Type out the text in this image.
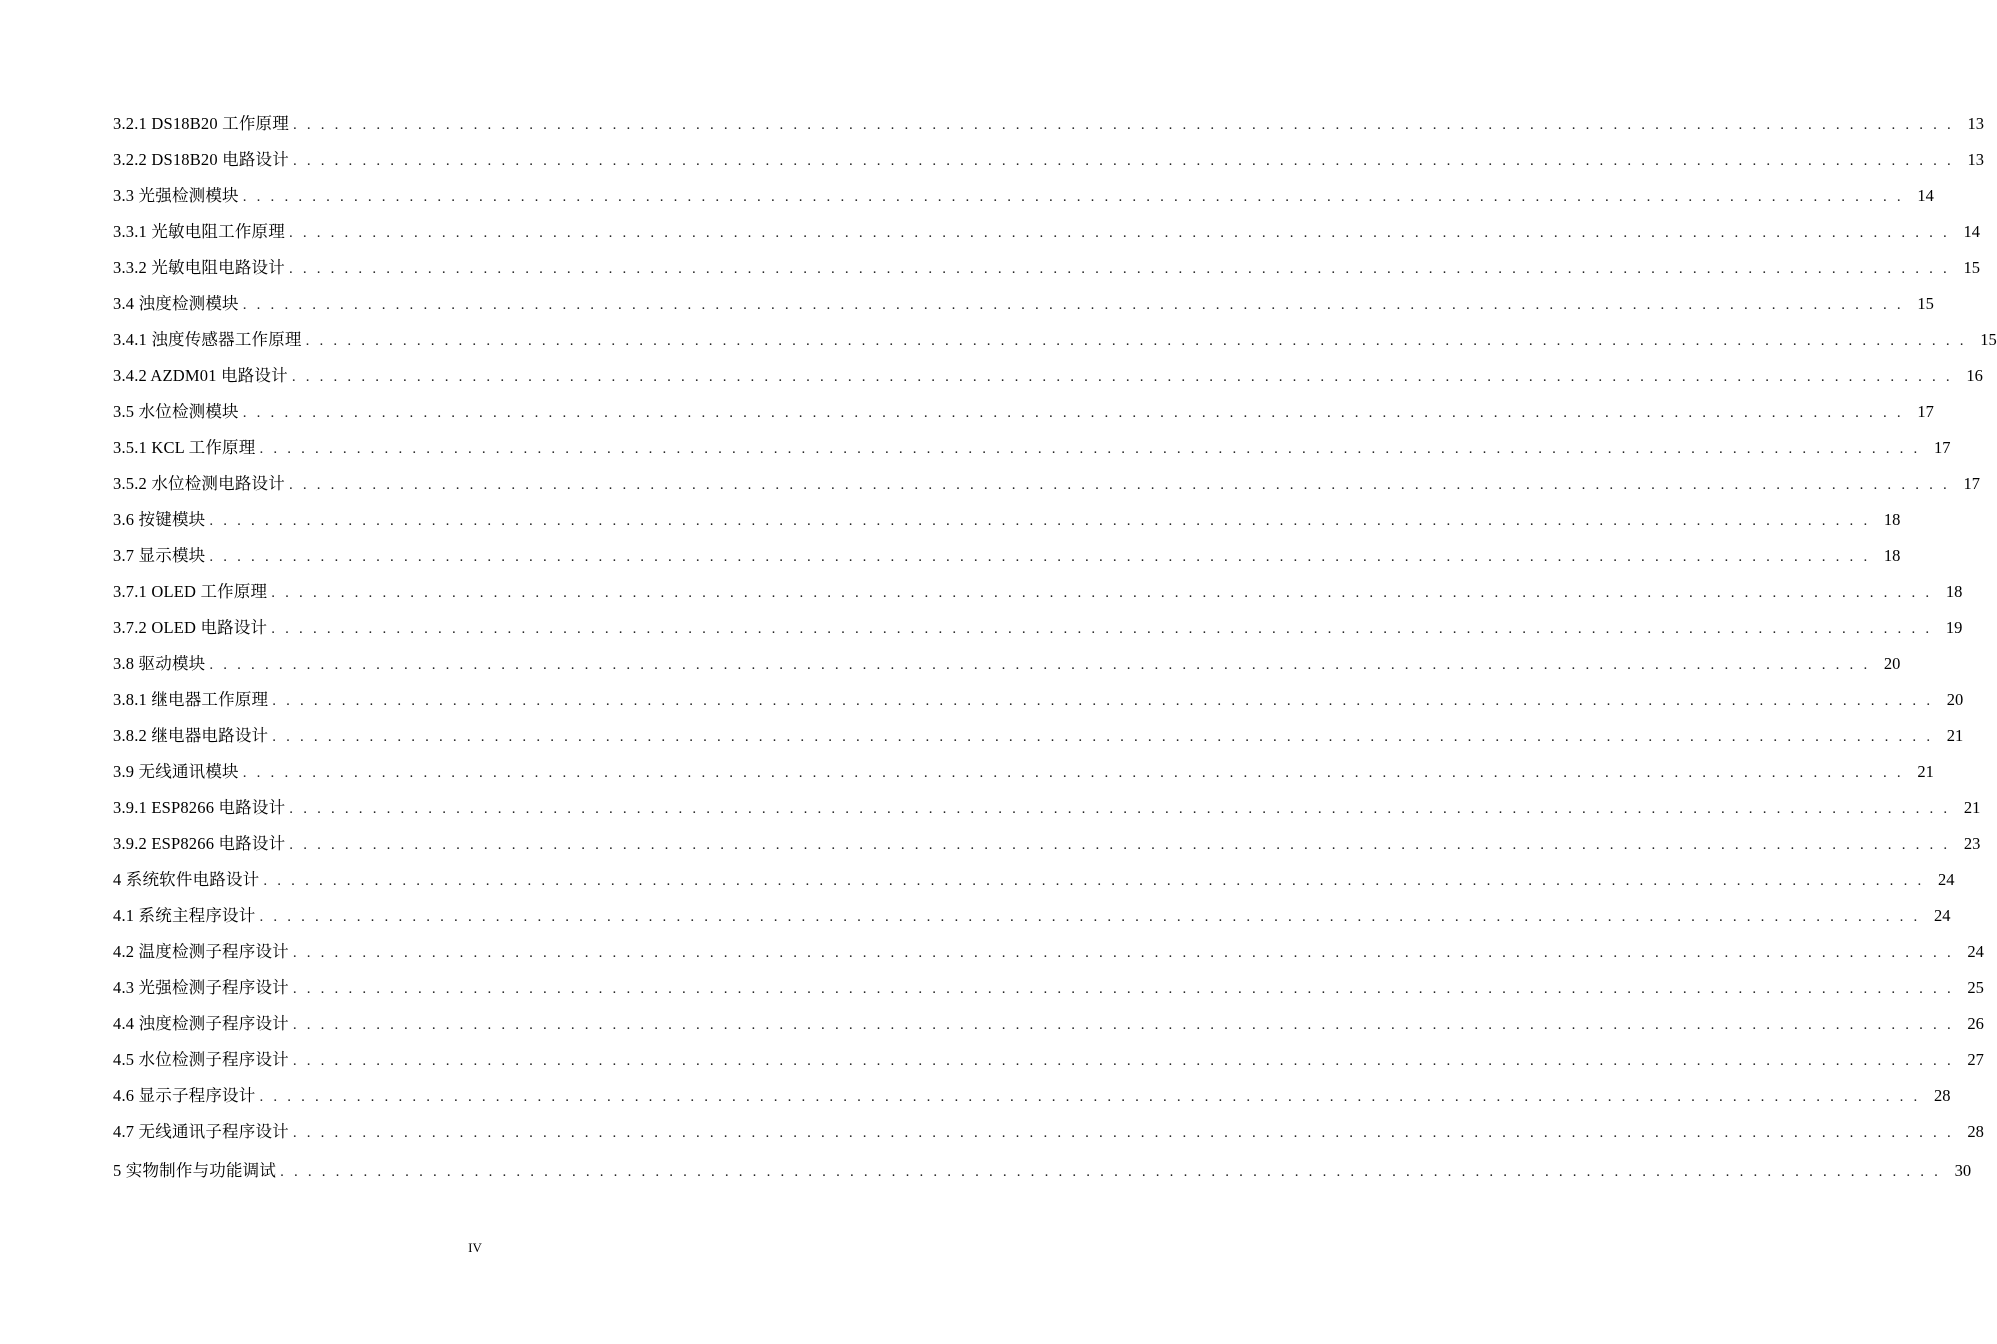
3.2.1 DS18B20 工作原理 . . . . . . . . . . . . . . . . . . . . . . . . . . . . . . . . . . . . . . . . . . . . . . . . . . . . . . . . . . . . . . . . . . . . . . . . . . . . . . . . . . . . . . . . . . . . . . . . . . . . . . . . . . . . . . . . . . . . . . . . 13
3.2.2 DS18B20 电路设计 . . . . . . . . . . . . . . . . . . . . . . . . . . . . . . . . . . . . . . . . . . . . . . . . . . . . . . . . . . . . . . . . . . . . . . . . . . . . . . . . . . . . . . . . . . . . . . . . . . . . . . . . . . . . . . . . . . . . . . . . 13
3.3 光强检测模块 . . . . . . . . . . . . . . . . . . . . . . . . . . . . . . . . . . . . . . . . . . . . . . . . . . . . . . . . . . . . . . . . . . . . . . . . . . . . . . . . . . . . . . . . . . . . . . . . . . . . . . . . . . . . . . . . . . . . . . . . 14
3.3.1 光敏电阻工作原理 . . . . . . . . . . . . . . . . . . . . . . . . . . . . . . . . . . . . . . . . . . . . . . . . . . . . . . . . . . . . . . . . . . . . . . . . . . . . . . . . . . . . . . . . . . . . . . . . . . . . . . . . . . . . . . . . . . . . . . . . 14
3.3.2 光敏电阻电路设计 . . . . . . . . . . . . . . . . . . . . . . . . . . . . . . . . . . . . . . . . . . . . . . . . . . . . . . . . . . . . . . . . . . . . . . . . . . . . . . . . . . . . . . . . . . . . . . . . . . . . . . . . . . . . . . . . . . . . . . . . 15
3.4 浊度检测模块 . . . . . . . . . . . . . . . . . . . . . . . . . . . . . . . . . . . . . . . . . . . . . . . . . . . . . . . . . . . . . . . . . . . . . . . . . . . . . . . . . . . . . . . . . . . . . . . . . . . . . . . . . . . . . . . . . . . . . . . . 15
3.4.1 浊度传感器工作原理 . . . . . . . . . . . . . . . . . . . . . . . . . . . . . . . . . . . . . . . . . . . . . . . . . . . . . . . . . . . . . . . . . . . . . . . . . . . . . . . . . . . . . . . . . . . . . . . . . . . . . . . . . . . . . . . . . . . . . . . . 15
3.4.2 AZDM01 电路设计 . . . . . . . . . . . . . . . . . . . . . . . . . . . . . . . . . . . . . . . . . . . . . . . . . . . . . . . . . . . . . . . . . . . . . . . . . . . . . . . . . . . . . . . . . . . . . . . . . . . . . . . . . . . . . . . . . . . . . . . . 16
3.5 水位检测模块 . . . . . . . . . . . . . . . . . . . . . . . . . . . . . . . . . . . . . . . . . . . . . . . . . . . . . . . . . . . . . . . . . . . . . . . . . . . . . . . . . . . . . . . . . . . . . . . . . . . . . . . . . . . . . . . . . . . . . . . . 17
3.5.1 KCL 工作原理 . . . . . . . . . . . . . . . . . . . . . . . . . . . . . . . . . . . . . . . . . . . . . . . . . . . . . . . . . . . . . . . . . . . . . . . . . . . . . . . . . . . . . . . . . . . . . . . . . . . . . . . . . . . . . . . . . . . . . . . . 17
3.5.2 水位检测电路设计 . . . . . . . . . . . . . . . . . . . . . . . . . . . . . . . . . . . . . . . . . . . . . . . . . . . . . . . . . . . . . . . . . . . . . . . . . . . . . . . . . . . . . . . . . . . . . . . . . . . . . . . . . . . . . . . . . . . . . . . . 17
3.6 按键模块 . . . . . . . . . . . . . . . . . . . . . . . . . . . . . . . . . . . . . . . . . . . . . . . . . . . . . . . . . . . . . . . . . . . . . . . . . . . . . . . . . . . . . . . . . . . . . . . . . . . . . . . . . . . . . . . . . . . . . . . . 18
3.7 显示模块 . . . . . . . . . . . . . . . . . . . . . . . . . . . . . . . . . . . . . . . . . . . . . . . . . . . . . . . . . . . . . . . . . . . . . . . . . . . . . . . . . . . . . . . . . . . . . . . . . . . . . . . . . . . . . . . . . . . . . . . . 18
3.7.1 OLED 工作原理 . . . . . . . . . . . . . . . . . . . . . . . . . . . . . . . . . . . . . . . . . . . . . . . . . . . . . . . . . . . . . . . . . . . . . . . . . . . . . . . . . . . . . . . . . . . . . . . . . . . . . . . . . . . . . . . . . . . . . . . . 18
3.7.2 OLED 电路设计 . . . . . . . . . . . . . . . . . . . . . . . . . . . . . . . . . . . . . . . . . . . . . . . . . . . . . . . . . . . . . . . . . . . . . . . . . . . . . . . . . . . . . . . . . . . . . . . . . . . . . . . . . . . . . . . . . . . . . . . . 19
3.8 驱动模块 . . . . . . . . . . . . . . . . . . . . . . . . . . . . . . . . . . . . . . . . . . . . . . . . . . . . . . . . . . . . . . . . . . . . . . . . . . . . . . . . . . . . . . . . . . . . . . . . . . . . . . . . . . . . . . . . . . . . . . . . 20
3.8.1 继电器工作原理 . . . . . . . . . . . . . . . . . . . . . . . . . . . . . . . . . . . . . . . . . . . . . . . . . . . . . . . . . . . . . . . . . . . . . . . . . . . . . . . . . . . . . . . . . . . . . . . . . . . . . . . . . . . . . . . . . . . . . . . . 20
3.8.2 继电器电路设计 . . . . . . . . . . . . . . . . . . . . . . . . . . . . . . . . . . . . . . . . . . . . . . . . . . . . . . . . . . . . . . . . . . . . . . . . . . . . . . . . . . . . . . . . . . . . . . . . . . . . . . . . . . . . . . . . . . . . . . . . 21
3.9 无线通讯模块 . . . . . . . . . . . . . . . . . . . . . . . . . . . . . . . . . . . . . . . . . . . . . . . . . . . . . . . . . . . . . . . . . . . . . . . . . . . . . . . . . . . . . . . . . . . . . . . . . . . . . . . . . . . . . . . . . . . . . . . . 21
3.9.1 ESP8266 电路设计 . . . . . . . . . . . . . . . . . . . . . . . . . . . . . . . . . . . . . . . . . . . . . . . . . . . . . . . . . . . . . . . . . . . . . . . . . . . . . . . . . . . . . . . . . . . . . . . . . . . . . . . . . . . . . . . . . . . . . . . . 21
3.9.2 ESP8266 电路设计 . . . . . . . . . . . . . . . . . . . . . . . . . . . . . . . . . . . . . . . . . . . . . . . . . . . . . . . . . . . . . . . . . . . . . . . . . . . . . . . . . . . . . . . . . . . . . . . . . . . . . . . . . . . . . . . . . . . . . . . . 23
4 系统软件电路设计 . . . . . . . . . . . . . . . . . . . . . . . . . . . . . . . . . . . . . . . . . . . . . . . . . . . . . . . . . . . . . . . . . . . . . . . . . . . . . . . . . . . . . . . . . . . . . . . . . . . . . . . . . . . . . . . . . . . . . . . . 24
4.1 系统主程序设计 . . . . . . . . . . . . . . . . . . . . . . . . . . . . . . . . . . . . . . . . . . . . . . . . . . . . . . . . . . . . . . . . . . . . . . . . . . . . . . . . . . . . . . . . . . . . . . . . . . . . . . . . . . . . . . . . . . . . . . . . 24
4.2 温度检测子程序设计 . . . . . . . . . . . . . . . . . . . . . . . . . . . . . . . . . . . . . . . . . . . . . . . . . . . . . . . . . . . . . . . . . . . . . . . . . . . . . . . . . . . . . . . . . . . . . . . . . . . . . . . . . . . . . . . . . . . . . . . . 24
4.3 光强检测子程序设计 . . . . . . . . . . . . . . . . . . . . . . . . . . . . . . . . . . . . . . . . . . . . . . . . . . . . . . . . . . . . . . . . . . . . . . . . . . . . . . . . . . . . . . . . . . . . . . . . . . . . . . . . . . . . . . . . . . . . . . . . 25
4.4 浊度检测子程序设计 . . . . . . . . . . . . . . . . . . . . . . . . . . . . . . . . . . . . . . . . . . . . . . . . . . . . . . . . . . . . . . . . . . . . . . . . . . . . . . . . . . . . . . . . . . . . . . . . . . . . . . . . . . . . . . . . . . . . . . . . 26
4.5 水位检测子程序设计 . . . . . . . . . . . . . . . . . . . . . . . . . . . . . . . . . . . . . . . . . . . . . . . . . . . . . . . . . . . . . . . . . . . . . . . . . . . . . . . . . . . . . . . . . . . . . . . . . . . . . . . . . . . . . . . . . . . . . . . . 27
4.6 显示子程序设计 . . . . . . . . . . . . . . . . . . . . . . . . . . . . . . . . . . . . . . . . . . . . . . . . . . . . . . . . . . . . . . . . . . . . . . . . . . . . . . . . . . . . . . . . . . . . . . . . . . . . . . . . . . . . . . . . . . . . . . . . 28
4.7 无线通讯子程序设计 . . . . . . . . . . . . . . . . . . . . . . . . . . . . . . . . . . . . . . . . . . . . . . . . . . . . . . . . . . . . . . . . . . . . . . . . . . . . . . . . . . . . . . . . . . . . . . . . . . . . . . . . . . . . . . . . . . . . . . . . 28
5 实物制作与功能调试 . . . . . . . . . . . . . . . . . . . . . . . . . . . . . . . . . . . . . . . . . . . . . . . . . . . . . . . . . . . . . . . . . . . . . . . . . . . . . . . . . . . . . . . . . . . . . . . . . . . . . . . . . . . . . . . . . . . . . . . . 30
IV
